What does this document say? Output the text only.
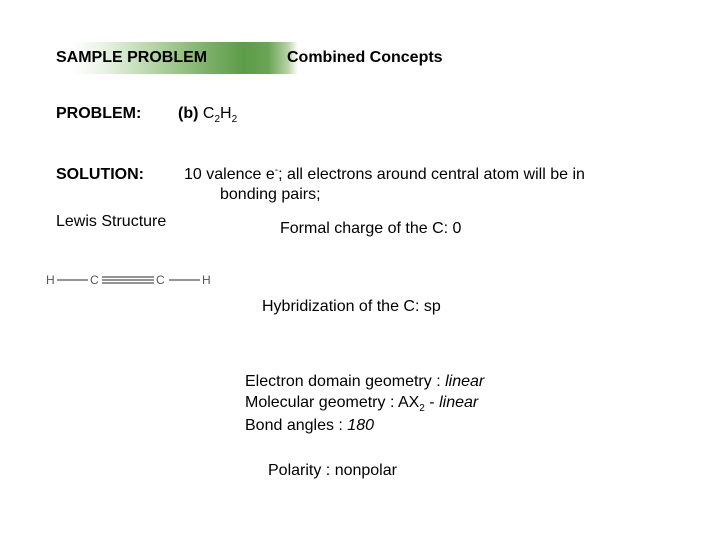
SAMPLE PROBLEM	Combined Concepts
PROBLEM: (b) $C_2H_2$
SOLUTION:	10 valence e-; all electrons around central atom will be in
bonding pairs;
Lewis Structure	Formal charge of the C: 0
H	C	C	H
Hybridization of the C: sp
Electron domain geometry : linear
Molecular geometry : $AX_2$ - linear
Bond angles : 180
Polarity : nonpolar
